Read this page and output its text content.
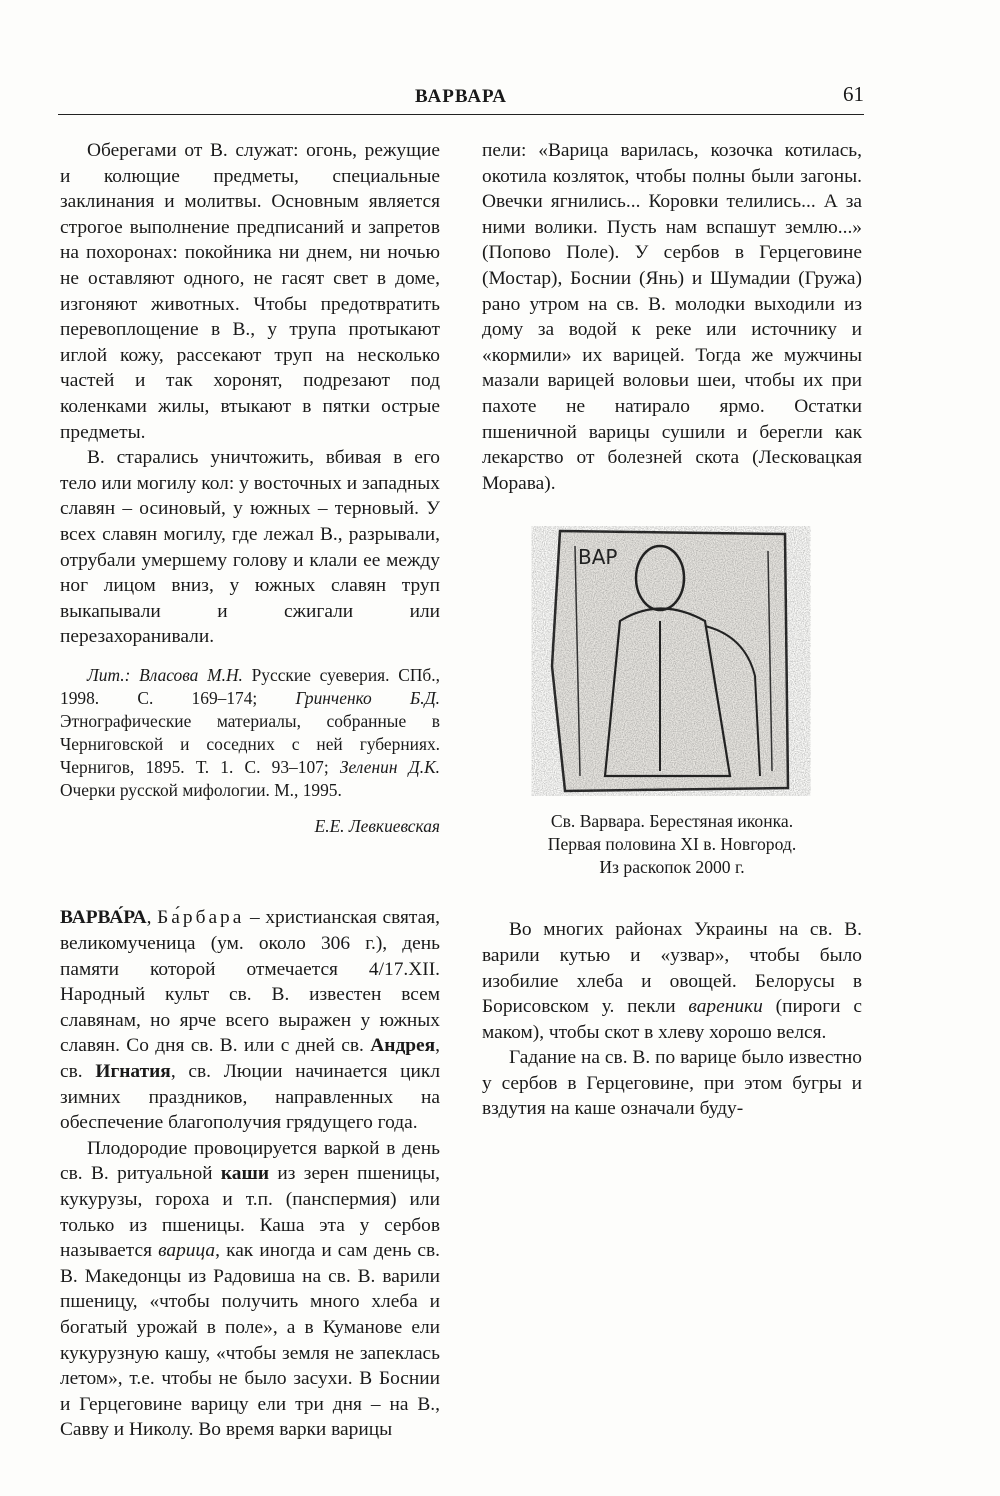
ВАРВАРА	61

Оберегами от В. служат: огонь, режущие и колющие предметы, специальные заклинания и молитвы. Основным является строгое выполнение предписаний и запретов на похоронах: покойника ни днем, ни ночью не оставляют одного, не гасят свет в доме, изгоняют животных. Чтобы предотвратить перевоплощение в В., у трупа протыкают иглой кожу, рассекают труп на несколько частей и так хоронят, подрезают под коленками жилы, втыкают в пятки острые предметы.

В. старались уничтожить, вбивая в его тело или могилу кол: у восточных и западных славян – осиновый, у южных – терновый. У всех славян могилу, где лежал В., разрывали, отрубали умершему голову и клали ее между ног лицом вниз, у южных славян труп выкапывали и сжигали или перезахоранивали.

Лит.: Власова М.Н. Русские суеверия. СПб., 1998. С. 169–174; Гринченко Б.Д. Этнографические материалы, собранные в Черниговской и соседних с ней губерниях. Чернигов, 1895. Т. 1. С. 93–107; Зеленин Д.К. Очерки русской мифологии. М., 1995.

Е.Е. Левкиевская

ВАРВА́РА, Ба́рбара – христианская святая, великомученица (ум. около 306 г.), день памяти которой отмечается 4/17.XII. Народный культ св. В. известен всем славянам, но ярче всего выражен у южных славян. Со дня св. В. или с дней св. Андрея, св. Игнатия, св. Люции начинается цикл зимних праздников, направленных на обеспечение благополучия грядущего года.

Плодородие провоцируется варкой в день св. В. ритуальной каши из зерен пшеницы, кукурузы, гороха и т.п. (панспермия) или только из пшеницы. Каша эта у сербов называется варица, как иногда и сам день св. В. Македонцы из Радовиша на св. В. варили пшеницу, «чтобы получить много хлеба и богатый урожай в поле», а в Куманове ели кукурузную кашу, «чтобы земля не запеклась летом», т.е. чтобы не было засухи. В Боснии и Герцеговине варицу ели три дня – на В., Савву и Николу. Во время варки варицы

пели: «Варица варилась, козочка котилась, окотила козляток, чтобы полны были загоны. Овечки ягнились... Коровки телились... А за ними волики. Пусть нам вспашут землю...» (Попово Поле). У сербов в Герцеговине (Мостар), Боснии (Янь) и Шумадии (Гружа) рано утром на св. В. молодки выходили из дому за водой к реке или источнику и «кормили» их варицей. Тогда же мужчины мазали варицей воловьи шеи, чтобы их при пахоте не натирало ярмо. Остатки пшеничной варицы сушили и берегли как лекарство от болезней скота (Лесковацкая Морава).

ВАР

Св. Варвара. Берестяная иконка.
Первая половина XI в. Новгород.
Из раскопок 2000 г.

Во многих районах Украины на св. В. варили кутью и «узвар», чтобы было изобилие хлеба и овощей. Белорусы в Борисовском у. пекли вареники (пироги с маком), чтобы скот в хлеву хорошо велся.

Гадание на св. В. по варице было известно у сербов в Герцеговине, при этом бугры и вздутия на каше означали буду-
